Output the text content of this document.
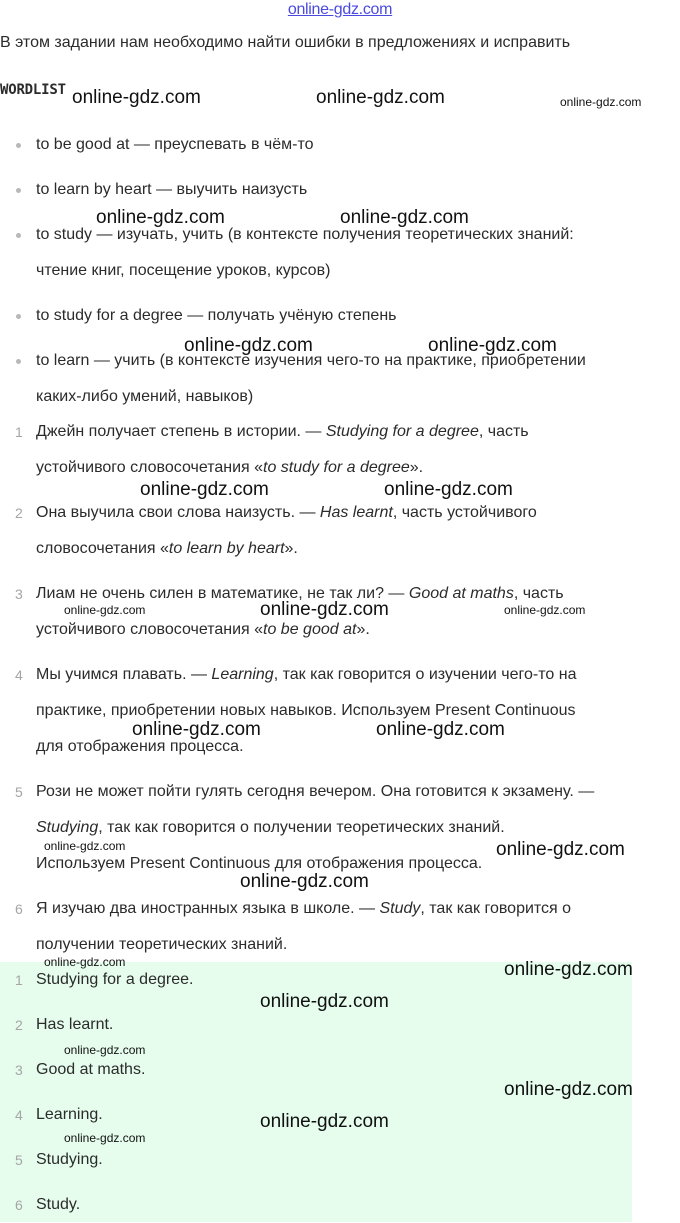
online-gdz.com
В этом задании нам необходимо найти ошибки в предложениях и исправить
WORDLIST
to be good at — преуспевать в чём-то
to learn by heart — выучить наизусть
to study — изучать, учить (в контексте получения теоретических знаний:
чтение книг, посещение уроков, курсов)
to study for a degree — получать учёную степень
to learn — учить (в контексте изучения чего-то на практике, приобретении
каких-либо умений, навыков)
1 Джейн получает степень в истории. — Studying for a degree, часть
устойчивого словосочетания «to study for a degree».
2 Она выучила свои слова наизусть. — Has learnt, часть устойчивого
словосочетания «to learn by heart».
3 Лиам не очень силен в математике, не так ли? — Good at maths, часть
устойчивого словосочетания «to be good at».
4 Мы учимся плавать. — Learning, так как говорится о изучении чего-то на
практике, приобретении новых навыков. Используем Present Continuous
для отображения процесса.
5 Рози не может пойти гулять сегодня вечером. Она готовится к экзамену. —
Studying, так как говорится о получении теоретических знаний.
Используем Present Continuous для отображения процесса.
6 Я изучаю два иностранных языка в школе. — Study, так как говорится о
получении теоретических знаний.
1 Studying for a degree.
2 Has learnt.
3 Good at maths.
4 Learning.
5 Studying.
6 Study.
online-gdz.com	online-gdz.com	online-gdz.com
online-gdz.com	online-gdz.com
online-gdz.com	online-gdz.com
online-gdz.com	online-gdz.com
online-gdz.com	online-gdz.com	online-gdz.com
online-gdz.com	online-gdz.com
online-gdz.com	online-gdz.com
online-gdz.com
online-gdz.com	online-gdz.com
online-gdz.com
online-gdz.com
online-gdz.com
online-gdz.com
online-gdz.com
